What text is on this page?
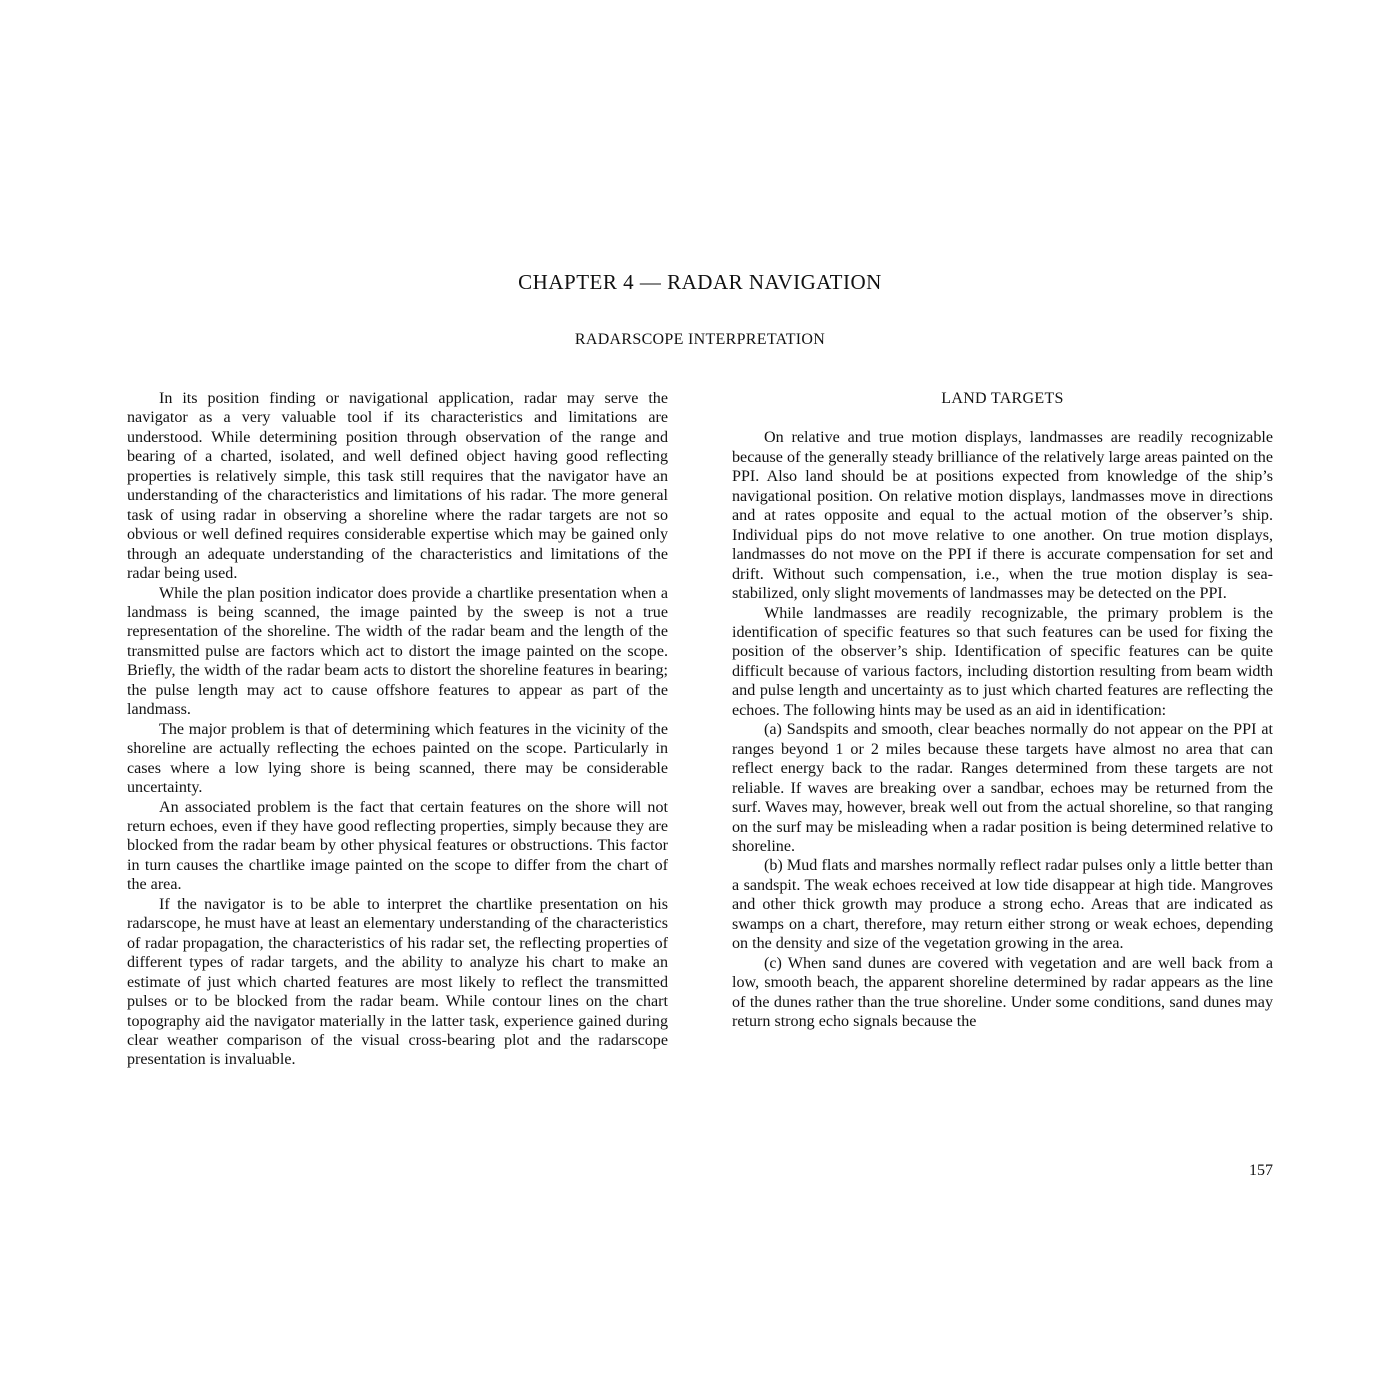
CHAPTER 4 — RADAR NAVIGATION
RADARSCOPE INTERPRETATION

In its position finding or navigational application, radar may serve the navigator as a very valuable tool if its characteristics and limitations are understood. While determining position through observation of the range and bearing of a charted, isolated, and well defined object having good reflecting properties is relatively simple, this task still requires that the navigator have an understanding of the characteristics and limitations of his radar. The more general task of using radar in observing a shoreline where the radar targets are not so obvious or well defined requires considerable expertise which may be gained only through an adequate understanding of the characteristics and limitations of the radar being used.

While the plan position indicator does provide a chartlike presentation when a landmass is being scanned, the image painted by the sweep is not a true representation of the shoreline. The width of the radar beam and the length of the transmitted pulse are factors which act to distort the image painted on the scope. Briefly, the width of the radar beam acts to distort the shoreline features in bearing; the pulse length may act to cause offshore features to appear as part of the landmass.

The major problem is that of determining which features in the vicinity of the shoreline are actually reflecting the echoes painted on the scope. Particularly in cases where a low lying shore is being scanned, there may be considerable uncertainty.

An associated problem is the fact that certain features on the shore will not return echoes, even if they have good reflecting properties, simply because they are blocked from the radar beam by other physical features or obstructions. This factor in turn causes the chartlike image painted on the scope to differ from the chart of the area.

If the navigator is to be able to interpret the chartlike presentation on his radarscope, he must have at least an elementary understanding of the characteristics of radar propagation, the characteristics of his radar set, the reflecting properties of different types of radar targets, and the ability to analyze his chart to make an estimate of just which charted features are most likely to reflect the transmitted pulses or to be blocked from the radar beam. While contour lines on the chart topography aid the navigator materially in the latter task, experience gained during clear weather comparison of the visual cross-bearing plot and the radarscope presentation is invaluable.

LAND TARGETS

On relative and true motion displays, landmasses are readily recognizable because of the generally steady brilliance of the relatively large areas painted on the PPI. Also land should be at positions expected from knowledge of the ship’s navigational position. On relative motion displays, landmasses move in directions and at rates opposite and equal to the actual motion of the observer’s ship. Individual pips do not move relative to one another. On true motion displays, landmasses do not move on the PPI if there is accurate compensation for set and drift. Without such compensation, i.e., when the true motion display is sea-stabilized, only slight movements of landmasses may be detected on the PPI.

While landmasses are readily recognizable, the primary problem is the identification of specific features so that such features can be used for fixing the position of the observer’s ship. Identification of specific features can be quite difficult because of various factors, including distortion resulting from beam width and pulse length and uncertainty as to just which charted features are reflecting the echoes. The following hints may be used as an aid in identification:

(a) Sandspits and smooth, clear beaches normally do not appear on the PPI at ranges beyond 1 or 2 miles because these targets have almost no area that can reflect energy back to the radar. Ranges determined from these targets are not reliable. If waves are breaking over a sandbar, echoes may be returned from the surf. Waves may, however, break well out from the actual shoreline, so that ranging on the surf may be misleading when a radar position is being determined relative to shoreline.

(b) Mud flats and marshes normally reflect radar pulses only a little better than a sandspit. The weak echoes received at low tide disappear at high tide. Mangroves and other thick growth may produce a strong echo. Areas that are indicated as swamps on a chart, therefore, may return either strong or weak echoes, depending on the density and size of the vegetation growing in the area.

(c) When sand dunes are covered with vegetation and are well back from a low, smooth beach, the apparent shoreline determined by radar appears as the line of the dunes rather than the true shoreline. Under some conditions, sand dunes may return strong echo signals because the

157
